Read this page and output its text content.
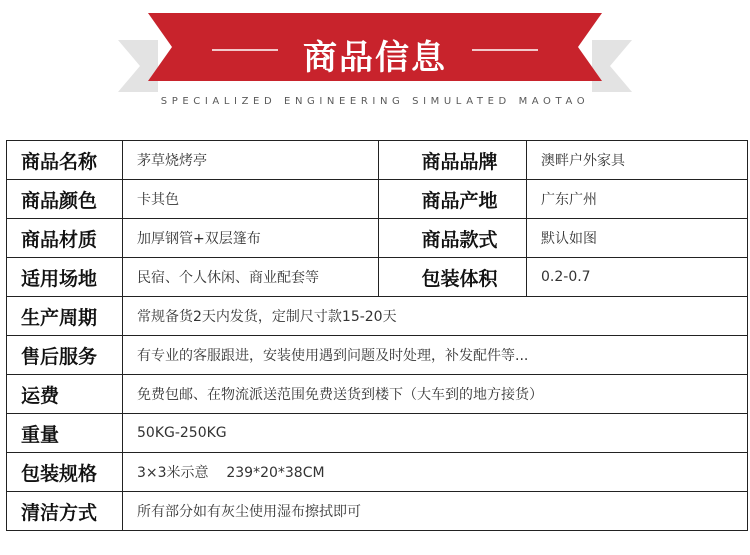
商品信息
SPECIALIZED ENGINEERING SIMULATED MAOTAO
商品名称	茅草烧烤亭	商品品牌	澳畔户外家具
商品颜色	卡其色	商品产地	广东广州
商品材质	加厚钢管+双层篷布	商品款式	默认如图
适用场地	民宿、个人休闲、商业配套等	包装体积	0.2-0.7
生产周期	常规备货2天内发货，定制尺寸款15-20天		
售后服务	有专业的客服跟进，安装使用遇到问题及时处理，补发配件等...		
运费	免费包邮、在物流派送范围免费送货到楼下（大车到的地方接货）		
重量	50KG-250KG		
包装规格	3×3米示意    239*20*38CM		
清洁方式	所有部分如有灰尘使用湿布擦拭即可		
